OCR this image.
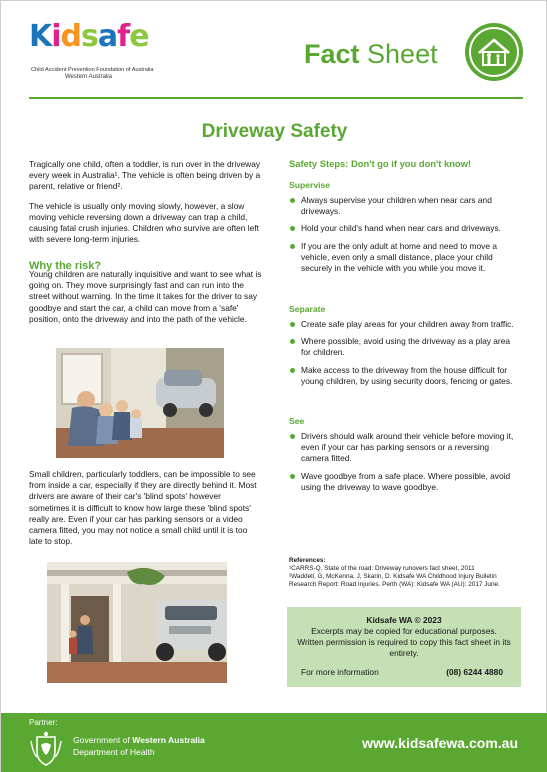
Kidsafe
Child Accident Prevention Foundation of Australia
Western Australia
Fact Sheet
Driveway Safety

Tragically one child, often a toddler, is run over in the driveway every week in Australia¹. The vehicle is often being driven by a parent, relative or friend².

The vehicle is usually only moving slowly, however, a slow moving vehicle reversing down a driveway can trap a child, causing fatal crush injuries. Children who survive are often left with severe long-term injuries.

Why the risk?

Young children are naturally inquisitive and want to see what is going on. They move surprisingly fast and can run into the street without warning. In the time it takes for the driver to say goodbye and start the car, a child can move from a 'safe' position, onto the driveway and into the path of the vehicle.

Small children, particularly toddlers, can be impossible to see from inside a car, especially if they are directly behind it. Most drivers are aware of their car's 'blind spots' however sometimes it is difficult to know how large these 'blind spots' really are. Even if your car has parking sensors or a video camera fitted, you may not notice a small child until it is too late to stop.

Safety Steps: Don't go if you don't know!
Supervise
Always supervise your children when near cars and driveways.
Hold your child's hand when near cars and driveways.
If you are the only adult at home and need to move a vehicle, even only a small distance, place your child securely in the vehicle with you while you move it.
Separate
Create safe play areas for your children away from traffic.
Where possible, avoid using the driveway as a play area for children.
Make access to the driveway from the house difficult for young children, by using security doors, fencing or gates.
See
Drivers should walk around their vehicle before moving it, even if your car has parking sensors or a reversing camera fitted.
Wave goodbye from a safe place. Where possible, avoid using the driveway to wave goodbye.
References:
¹CARRS-Q, State of the road: Driveway runovers fact sheet, 2011
²Waddell, G, McKenna, J, Skarin, D. Kidsafe WA Childhood Injury Bulletin Research Report: Road Injuries. Perth (WA): Kidsafe WA (AU); 2017 June.
Kidsafe WA © 2023
Excerpts may be copied for educational purposes. Written permission is required to copy this fact sheet in its entirety.
For more information	(08) 6244 4880
Partner:
Government of Western Australia
Department of Health
www.kidsafewa.com.au
